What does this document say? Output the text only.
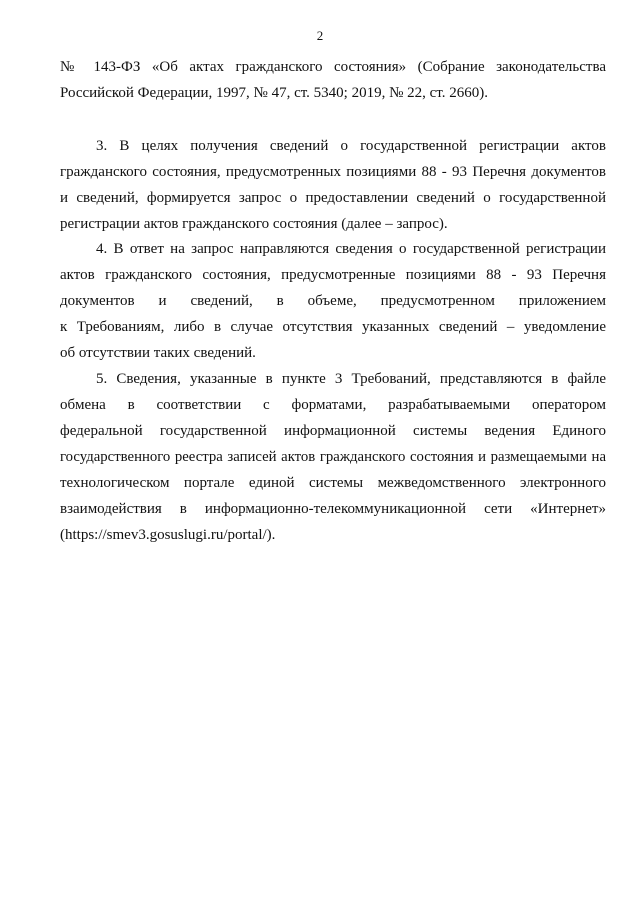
2
№ 143-ФЗ «Об актах гражданского состояния» (Собрание законодательства
Российской Федерации, 1997, № 47, ст. 5340; 2019, № 22, ст. 2660).
3. В целях получения сведений о государственной регистрации актов
гражданского состояния, предусмотренных позициями 88 - 93 Перечня документов
и сведений, формируется запрос о предоставлении сведений о государственной
регистрации актов гражданского состояния (далее – запрос).
4. В ответ на запрос направляются сведения о государственной регистрации
актов гражданского состояния, предусмотренные позициями 88 - 93 Перечня
документов и сведений, в объеме, предусмотренном приложением
к Требованиям, либо в случае отсутствия указанных сведений – уведомление
об отсутствии таких сведений.
5. Сведения, указанные в пункте 3 Требований, представляются в файле
обмена в соответствии с форматами, разрабатываемыми оператором
федеральной государственной информационной системы ведения Единого
государственного реестра записей актов гражданского состояния и размещаемыми на
технологическом портале единой системы межведомственного электронного
взаимодействия в информационно-телекоммуникационной сети «Интернет»
(https://smev3.gosuslugi.ru/portal/).
